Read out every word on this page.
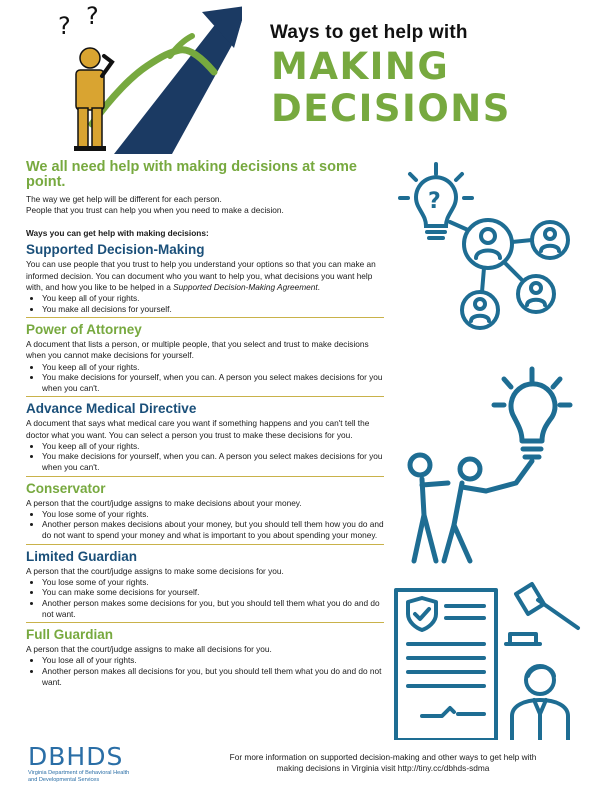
? ?
Ways to get help with
MAKING
DECISIONS
We all need help with making decisions at some point.

The way we get help will be different for each person.

People that you trust can help you when you need to make a decision.

Ways you can get help with making decisions:
Supported Decision-Making

You can use people that you trust to help you understand your options so that you can make an informed decision. You can document who you want to help you, what decisions you want help with, and how you like to be helped in a Supported Decision-Making Agreement.

• You keep all of your rights.
• You make all decisions for yourself.
Power of Attorney

A document that lists a person, or multiple people, that you select and trust to make decisions when you cannot make decisions for yourself.

• You keep all of your rights.
• You make decisions for yourself, when you can. A person you select makes decisions for you when you can't.
Advance Medical Directive

A document that says what medical care you want if something happens and you can't tell the doctor what you want. You can select a person you trust to make these decisions for you.

• You keep all of your rights.
• You make decisions for yourself, when you can. A person you select makes decisions for you when you can't.
Conservator

A person that the court/judge assigns to make decisions about your money.

• You lose some of your rights.
• Another person makes decisions about your money, but you should tell them how you do and do not want to spend your money and what is important to you about spending your money.
Limited Guardian

A person that the court/judge assigns to make some decisions for you.

• You lose some of your rights.
• You can make some decisions for yourself.
• Another person makes some decisions for you, but you should tell them what you do and do not want.
Full Guardian

A person that the court/judge assigns to make all decisions for you.

• You lose all of your rights.
• Another person makes all decisions for you, but you should tell them what you do and do not want.
?
DBHDS
Virginia Department of Behavioral Health
and Developmental Services
For more information on supported decision-making and other ways to get help with
making decisions in Virginia visit http://tiny.cc/dbhds-sdma
